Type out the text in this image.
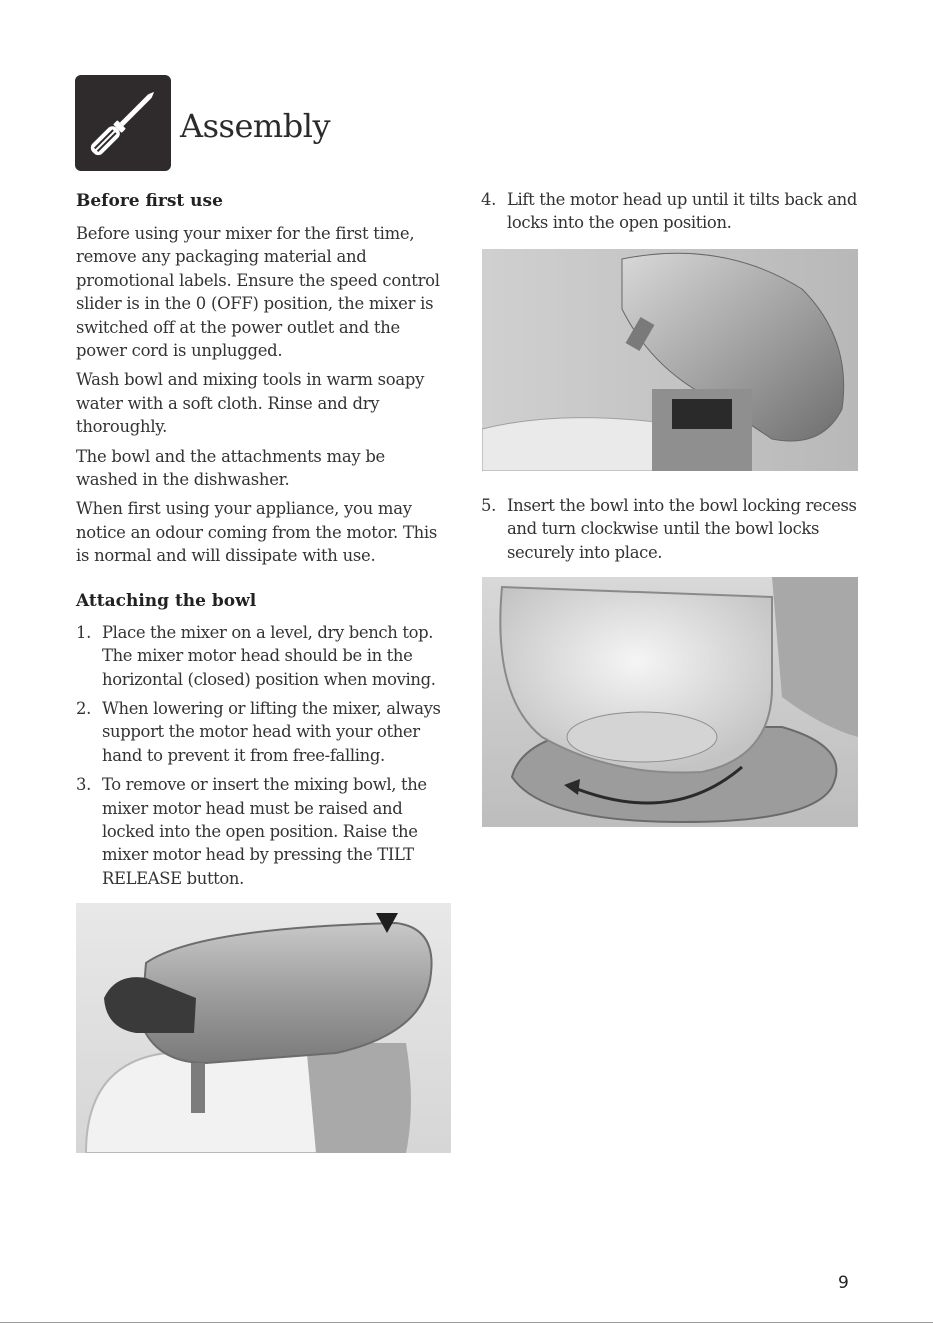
Assembly
Before first use

Before using your mixer for the first time, remove any packaging material and promotional labels. Ensure the speed control slider is in the 0 (OFF) position, the mixer is switched off at the power outlet and the power cord is unplugged.

Wash bowl and mixing tools in warm soapy water with a soft cloth. Rinse and dry thoroughly.

The bowl and the attachments may be washed in the dishwasher.

When first using your appliance, you may notice an odour coming from the motor. This is normal and will dissipate with use.

Attaching the bowl
1. Place the mixer on a level, dry bench top. The mixer motor head should be in the horizontal (closed) position when moving.
2. When lowering or lifting the mixer, always support the motor head with your other hand to prevent it from free-falling.
3. To remove or insert the mixing bowl, the mixer motor head must be raised and locked into the open position. Raise the mixer motor head by pressing the TILT RELEASE button.
4. Lift the motor head up until it tilts back and locks into the open position.
5. Insert the bowl into the bowl locking recess and turn clockwise until the bowl locks securely into place.
9
